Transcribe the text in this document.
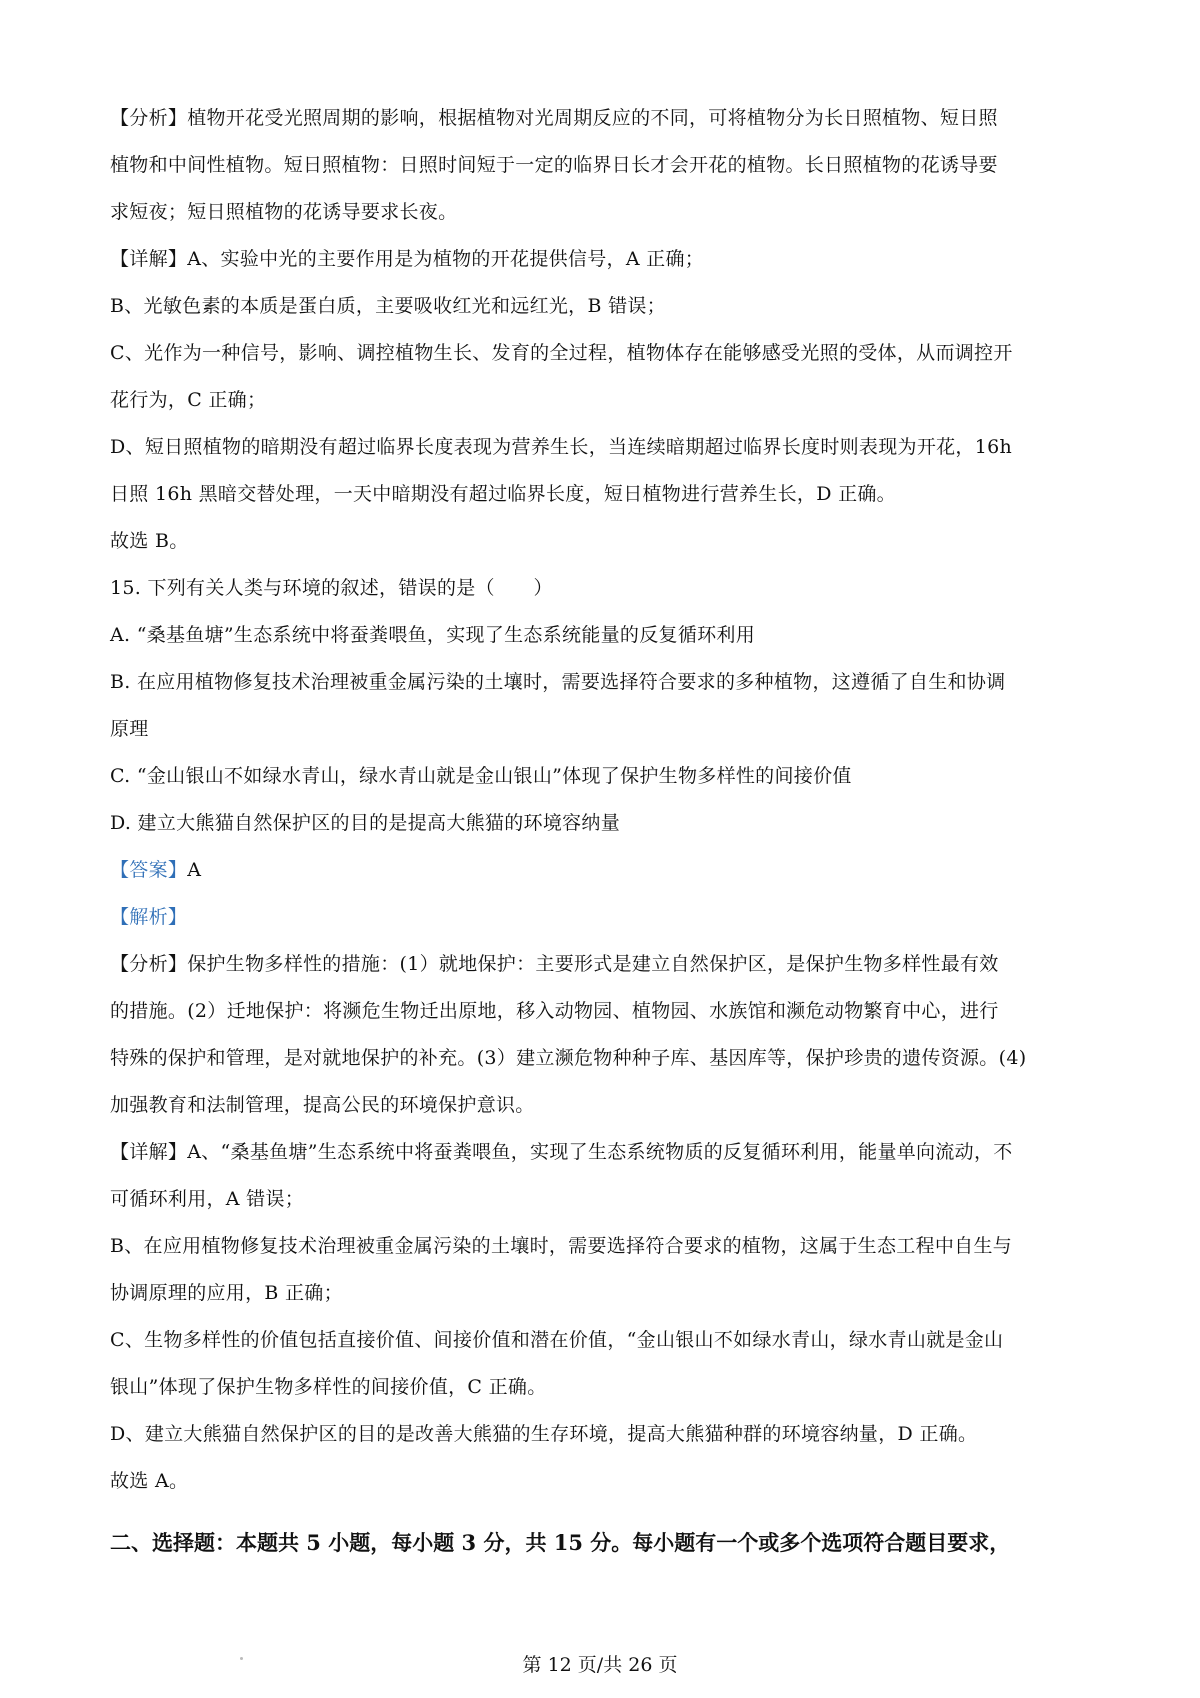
【分析】植物开花受光照周期的影响，根据植物对光周期反应的不同，可将植物分为长日照植物、短日照

植物和中间性植物。短日照植物：日照时间短于一定的临界日长才会开花的植物。长日照植物的花诱导要

求短夜；短日照植物的花诱导要求长夜。

【详解】A、实验中光的主要作用是为植物的开花提供信号，A 正确；

B、光敏色素的本质是蛋白质，主要吸收红光和远红光，B 错误；

C、光作为一种信号，影响、调控植物生长、发育的全过程，植物体存在能够感受光照的受体，从而调控开

花行为，C 正确；

D、短日照植物的暗期没有超过临界长度表现为营养生长，当连续暗期超过临界长度时则表现为开花，16h

日照 16h 黑暗交替处理，一天中暗期没有超过临界长度，短日植物进行营养生长，D 正确。

故选 B。

15. 下列有关人类与环境的叙述，错误的是（　　）

A. “桑基鱼塘”生态系统中将蚕粪喂鱼，实现了生态系统能量的反复循环利用

B. 在应用植物修复技术治理被重金属污染的土壤时，需要选择符合要求的多种植物，这遵循了自生和协调

原理

C. “金山银山不如绿水青山，绿水青山就是金山银山”体现了保护生物多样性的间接价值

D. 建立大熊猫自然保护区的目的是提高大熊猫的环境容纳量

【答案】A

【解析】

【分析】保护生物多样性的措施：(1）就地保护：主要形式是建立自然保护区，是保护生物多样性最有效

的措施。(2）迁地保护：将濒危生物迁出原地，移入动物园、植物园、水族馆和濒危动物繁育中心，进行

特殊的保护和管理，是对就地保护的补充。(3）建立濒危物种种子库、基因库等，保护珍贵的遗传资源。(4)

加强教育和法制管理，提高公民的环境保护意识。

【详解】A、“桑基鱼塘”生态系统中将蚕粪喂鱼，实现了生态系统物质的反复循环利用，能量单向流动，不

可循环利用，A 错误；

B、在应用植物修复技术治理被重金属污染的土壤时，需要选择符合要求的植物，这属于生态工程中自生与

协调原理的应用，B 正确；

C、生物多样性的价值包括直接价值、间接价值和潜在价值，“金山银山不如绿水青山，绿水青山就是金山

银山”体现了保护生物多样性的间接价值，C 正确。

D、建立大熊猫自然保护区的目的是改善大熊猫的生存环境，提高大熊猫种群的环境容纳量，D 正确。

故选 A。

二、选择题：本题共 5 小题，每小题 3 分，共 15 分。每小题有一个或多个选项符合题目要求，

第 12 页/共 26 页
